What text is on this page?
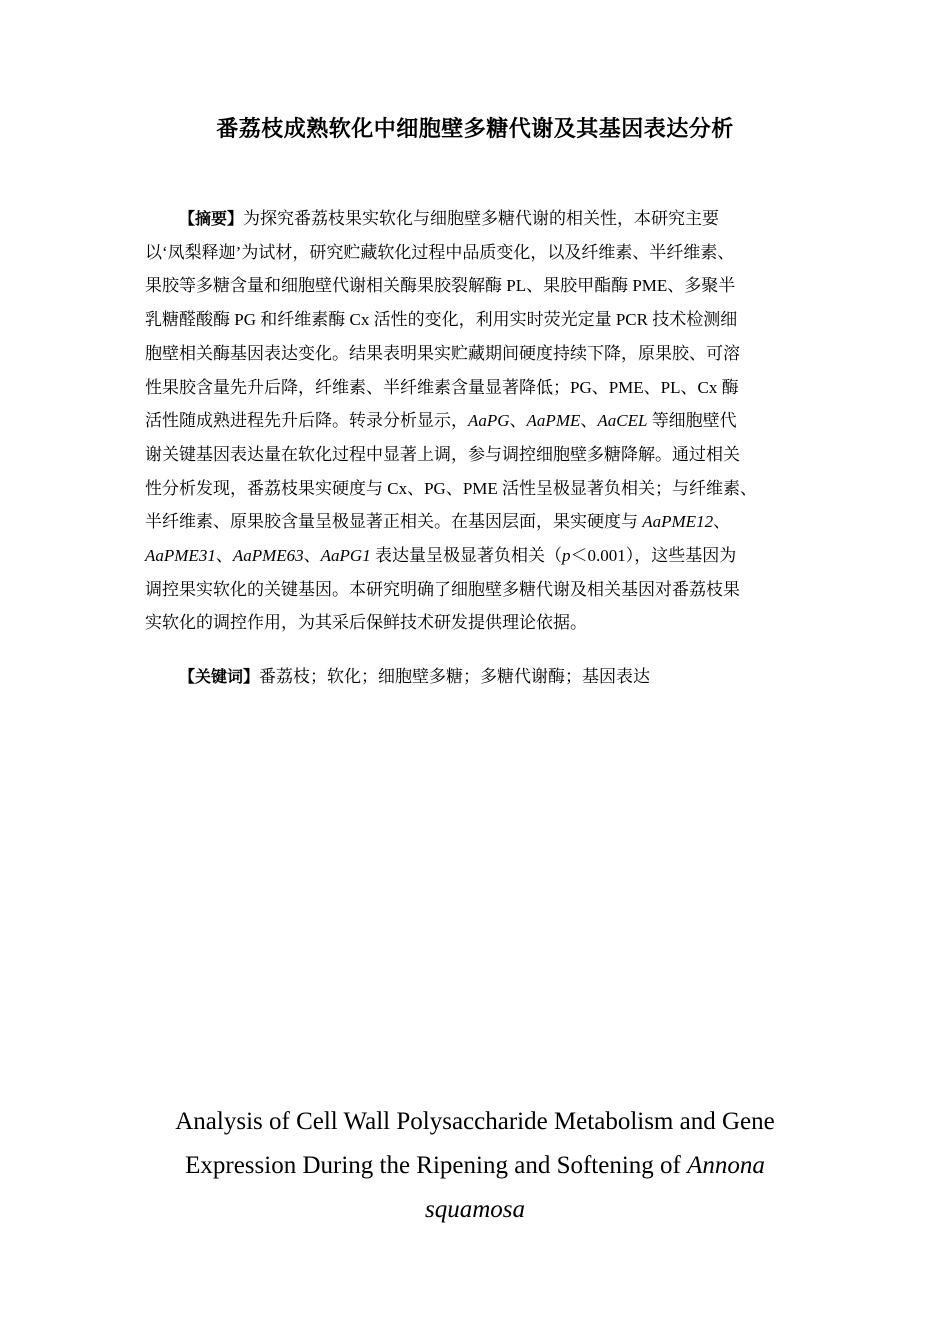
番荔枝成熟软化中细胞壁多糖代谢及其基因表达分析
【摘要】为探究番荔枝果实软化与细胞壁多糖代谢的相关性，本研究主要
以‘凤梨释迦’为试材，研究贮藏软化过程中品质变化，以及纤维素、半纤维素、
果胶等多糖含量和细胞壁代谢相关酶果胶裂解酶 PL、果胶甲酯酶 PME、多聚半
乳糖醛酸酶 PG 和纤维素酶 Cx 活性的变化，利用实时荧光定量 PCR 技术检测细
胞壁相关酶基因表达变化。结果表明果实贮藏期间硬度持续下降，原果胶、可溶
性果胶含量先升后降，纤维素、半纤维素含量显著降低；PG、PME、PL、Cx 酶
活性随成熟进程先升后降。转录分析显示，AaPG、AaPME、AaCEL 等细胞壁代
谢关键基因表达量在软化过程中显著上调，参与调控细胞壁多糖降解。通过相关
性分析发现，番荔枝果实硬度与 Cx、PG、PME 活性呈极显著负相关；与纤维素、
半纤维素、原果胶含量呈极显著正相关。在基因层面，果实硬度与 AaPME12、
AaPME31、AaPME63、AaPG1 表达量呈极显著负相关（p＜0.001），这些基因为
调控果实软化的关键基因。本研究明确了细胞壁多糖代谢及相关基因对番荔枝果
实软化的调控作用，为其采后保鲜技术研发提供理论依据。
【关键词】番荔枝；软化；细胞壁多糖；多糖代谢酶；基因表达
Analysis of Cell Wall Polysaccharide Metabolism and Gene
Expression During the Ripening and Softening of Annona
squamosa
